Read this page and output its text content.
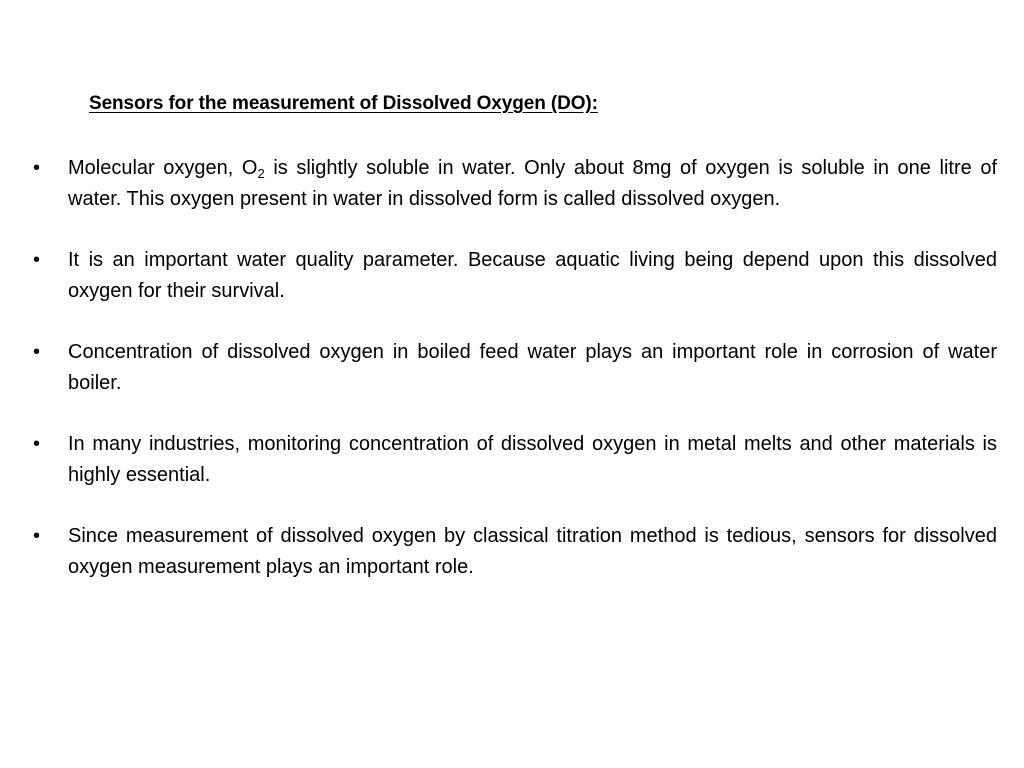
Sensors for the measurement of Dissolved Oxygen (DO):
•	Molecular oxygen, $O_2$ is slightly soluble in water. Only about 8mg of oxygen is soluble in one litre of water. This oxygen present in water in dissolved form is called dissolved oxygen.
•	It is an important water quality parameter. Because aquatic living being depend upon this dissolved oxygen for their survival.
•	Concentration of dissolved oxygen in boiled feed water plays an important role in corrosion of water boiler.
•	In many industries, monitoring concentration of dissolved oxygen in metal melts and other materials is highly essential.
•	Since measurement of dissolved oxygen by classical titration method is tedious, sensors for dissolved oxygen measurement plays an important role.
